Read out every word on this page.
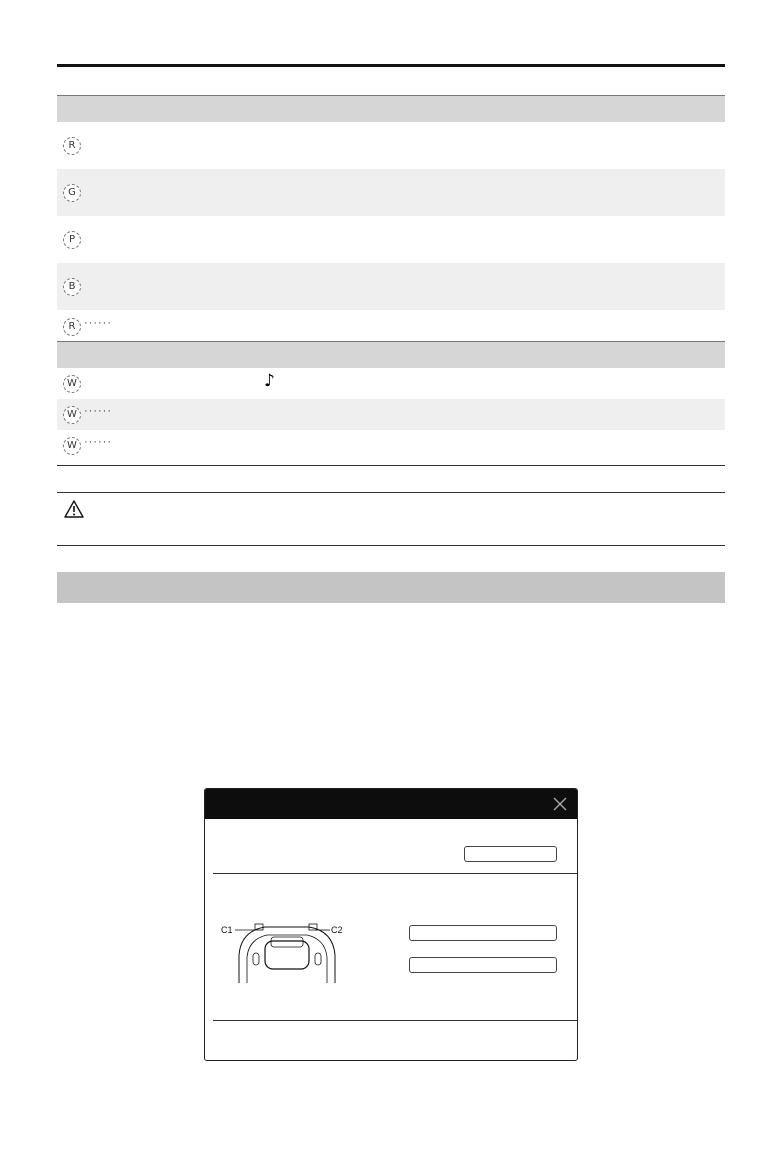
R
G
P
B
R ······
W	♪
W ······
W ······
C1	C2
